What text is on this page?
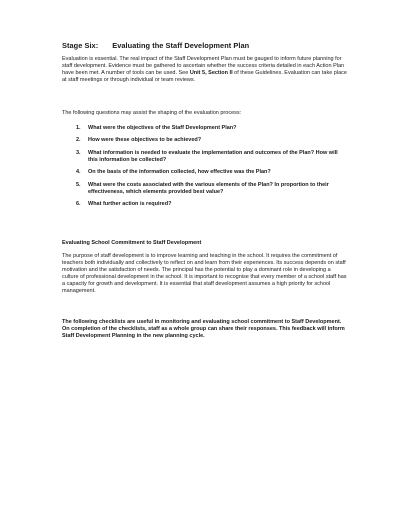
Stage Six: Evaluating the Staff Development Plan

Evaluation is essential. The real impact of the Staff Development Plan must be gauged to inform future planning for staff development. Evidence must be gathered to ascertain whether the success criteria detailed in each Action Plan have been met. A number of tools can be used. See Unit 5, Section II of these Guidelines. Evaluation can take place at staff meetings or through individual or team reviews.

The following questions may assist the shaping of the evaluation process:

1. What were the objectives of the Staff Development Plan?
2. How were these objectives to be achieved?
3. What information is needed to evaluate the implementation and outcomes of the Plan? How will this information be collected?
4. On the basis of the information collected, how effective was the Plan?
5. What were the costs associated with the various elements of the Plan? In proportion to their effectiveness, which elements provided best value?
6. What further action is required?
Evaluating School Commitment to Staff Development

The purpose of staff development is to improve learning and teaching in the school. It requires the commitment of teachers both individually and collectively to reflect on and learn from their experiences. Its success depends on staff motivation and the satisfaction of needs. The principal has the potential to play a dominant role in developing a culture of professional development in the school. It is important to recognise that every member of a school staff has a capacity for growth and development. It is essential that staff development assumes a high priority for school management.

The following checklists are useful in monitoring and evaluating school commitment to Staff Development. On completion of the checklists, staff as a whole group can share their responses. This feedback will inform Staff Development Planning in the new planning cycle.
